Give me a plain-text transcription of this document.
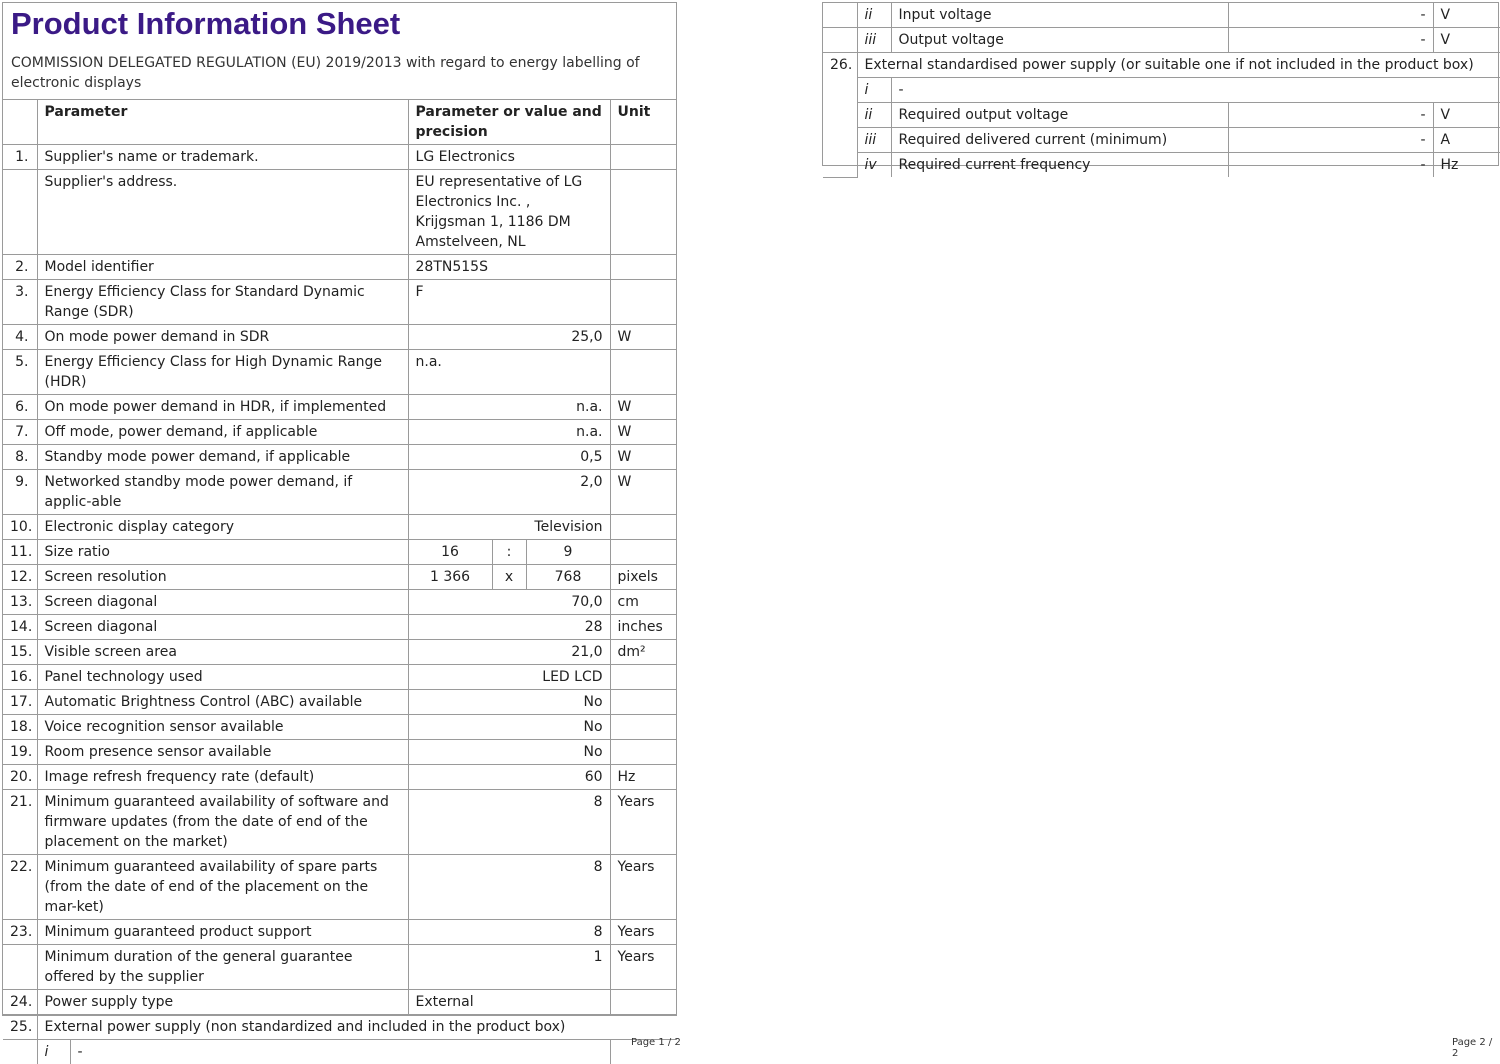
Product Information Sheet
COMMISSION DELEGATED REGULATION (EU) 2019/2013 with regard to energy labelling of electronic displays
	Parameter		Parameter or value and precision			Unit
1.	Supplier's name or trademark.		LG Electronics			
	Supplier's address.		EU representative of LG Electronics Inc. , Krijgsman 1, 1186 DM Amstelveen, NL			
2.	Model identifier		28TN515S			
3.	Energy Efficiency Class for Standard Dynamic Range (SDR)		F			
4.	On mode power demand in SDR		25,0			W
5.	Energy Efficiency Class for High Dynamic Range (HDR)		n.a.			
6.	On mode power demand in HDR, if implemented		n.a.			W
7.	Off mode, power demand, if applicable		n.a.			W
8.	Standby mode power demand, if applicable		0,5			W
9.	Networked standby mode power demand, if applic-able		2,0			W
10.	Electronic display category		Television			
11.	Size ratio		16	:	9	
12.	Screen resolution		1 366	x	768	pixels
13.	Screen diagonal		70,0			cm
14.	Screen diagonal		28			inches
15.	Visible screen area		21,0			dm²
16.	Panel technology used		LED LCD			
17.	Automatic Brightness Control (ABC) available		No			
18.	Voice recognition sensor available		No			
19.	Room presence sensor available		No			
20.	Image refresh frequency rate (default)		60			Hz
21.	Minimum guaranteed availability of software and firmware updates (from the date of end of the placement on the market)		8			Years
22.	Minimum guaranteed availability of spare parts (from the date of end of the placement on the mar-ket)		8			Years
23.	Minimum guaranteed product support		8			Years
	Minimum duration of the general guarantee offered by the supplier		1			Years
24.	Power supply type		External			
25.	External power supply (non standardized and included in the product box)					
	i	-				
Page 1 / 2
	ii	Input voltage	-	V
	iii	Output voltage	-	V
26.	External standardised power supply (or suitable one if not included in the product box)			
	i	-		
	ii	Required output voltage	-	V
	iii	Required delivered current (minimum)	-	A
	iv	Required current frequency	-	Hz
Page 2 / 2
